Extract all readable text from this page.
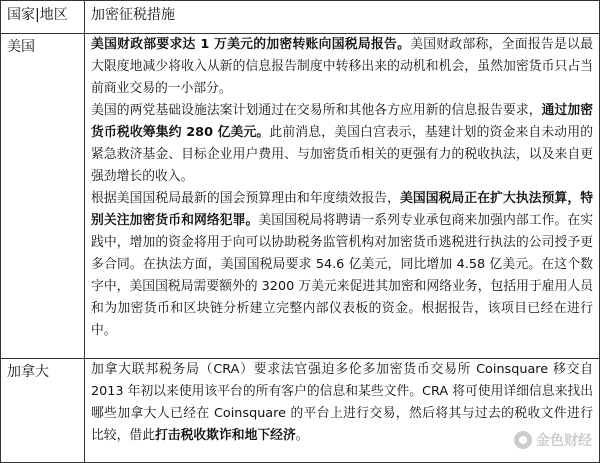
国家|地区	加密征税措施
美国	美国财政部要求达 1 万美元的加密转账向国税局报告。美国财政部称，全面报告是以最大限度地减少将收入从新的信息报告制度中转移出来的动机和机会，虽然加密货币只占当前商业交易的一小部分。

美国的两党基础设施法案计划通过在交易所和其他各方应用新的信息报告要求，通过加密货币税收筹集约 280 亿美元。此前消息，美国白宫表示，基建计划的资金来自未动用的紧急救济基金、目标企业用户费用、与加密货币相关的更强有力的税收执法，以及来自更强劲增长的收入。

根据美国国税局最新的国会预算理由和年度绩效报告，美国国税局正在扩大执法预算，特别关注加密货币和网络犯罪。美国国税局将聘请一系列专业承包商来加强内部工作。在实践中，增加的资金将用于向可以协助税务监管机构对加密货币逃税进行执法的公司授予更多合同。在执法方面，美国国税局要求 54.6 亿美元，同比增加 4.58 亿美元。在这个数字中，美国国税局需要额外的 3200 万美元来促进其加密和网络业务，包括用于雇用人员和为加密货币和区块链分析建立完整内部仪表板的资金。根据报告，该项目已经在进行中。

加拿大	加拿大联邦税务局（CRA）要求法官强迫多伦多加密货币交易所 Coinsquare 移交自 2013 年初以来使用该平台的所有客户的信息和某些文件。CRA 将可使用详细信息来找出哪些加拿大人已经在 Coinsquare 的平台上进行交易，然后将其与过去的税收文件进行比较，借此打击税收欺诈和地下经济。	金色财经
